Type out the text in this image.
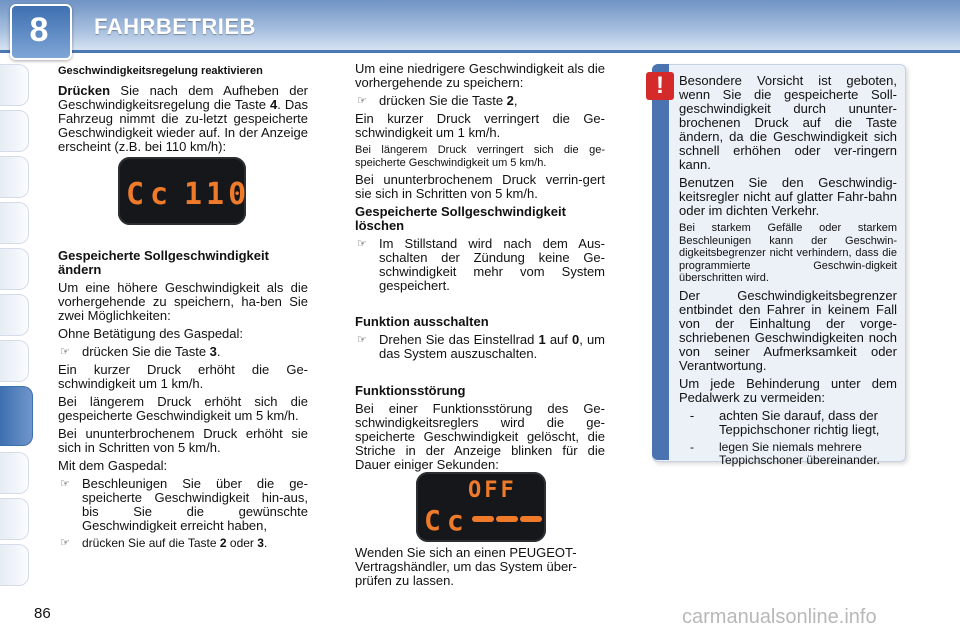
8	FAHRBETRIEB
Geschwindigkeitsregelung reaktivieren

Drücken Sie nach dem Aufheben der Geschwindigkeitsregelung die Taste 4. Das Fahrzeug nimmt die zu-letzt gespeicherte Geschwindigkeit wieder auf. In der Anzeige erscheint (z.B. bei 110 km/h):

Cc 110
Gespeicherte Sollgeschwindigkeit ändern

Um eine höhere Geschwindigkeit als die vorhergehende zu speichern, ha-ben Sie zwei Möglichkeiten:

Ohne Betätigung des Gaspedal:

☞ drücken Sie die Taste 3.

Ein kurzer Druck erhöht die Ge-schwindigkeit um 1 km/h.

Bei längerem Druck erhöht sich die gespeicherte Geschwindigkeit um 5 km/h.

Bei ununterbrochenem Druck erhöht sie sich in Schritten von 5 km/h.

Mit dem Gaspedal:

☞ Beschleunigen Sie über die ge-speicherte Geschwindigkeit hin-aus, bis Sie die gewünschte Geschwindigkeit erreicht haben,
☞ drücken Sie auf die Taste 2 oder 3.

Um eine niedrigere Geschwindigkeit als die vorhergehende zu speichern:

☞ drücken Sie die Taste 2,

Ein kurzer Druck verringert die Ge-schwindigkeit um 1 km/h.

Bei längerem Druck verringert sich die ge-speicherte Geschwindigkeit um 5 km/h.

Bei ununterbrochenem Druck verrin-gert sie sich in Schritten von 5 km/h.

Gespeicherte Sollgeschwindigkeit löschen
☞ Im Stillstand wird nach dem Aus-schalten der Zündung keine Ge-schwindigkeit mehr vom System gespeichert.
Funktion ausschalten
☞ Drehen Sie das Einstellrad 1 auf 0, um das System auszuschalten.
Funktionsstörung

Bei einer Funktionsstörung des Ge-schwindigkeitsreglers wird die ge-speicherte Geschwindigkeit gelöscht, die Striche in der Anzeige blinken für die Dauer einiger Sekunden:

OFF
Cc

Wenden Sie sich an einen PEUGEOT-Vertragshändler, um das System über-prüfen zu lassen.

!	Besondere Vorsicht ist geboten, wenn Sie die gespeicherte Soll-geschwindigkeit durch ununter-brochenen Druck auf die Taste ändern, da die Geschwindigkeit sich schnell erhöhen oder ver-ringern kann.

Benutzen Sie den Geschwindig-keitsregler nicht auf glatter Fahr-bahn oder im dichten Verkehr.

Bei starkem Gefälle oder starkem Beschleunigen kann der Geschwin-digkeitsbegrenzer nicht verhindern, dass die programmierte Geschwin-digkeit überschritten wird.

Der Geschwindigkeitsbegrenzer entbindet den Fahrer in keinem Fall von der Einhaltung der vorge-schriebenen Geschwindigkeiten noch von seiner Aufmerksamkeit oder Verantwortung.

Um jede Behinderung unter dem Pedalwerk zu vermeiden:

-	achten Sie darauf, dass der Teppichschoner richtig liegt,
-	legen Sie niemals mehrere Teppichschoner übereinander.
86	carmanualsonline.info
